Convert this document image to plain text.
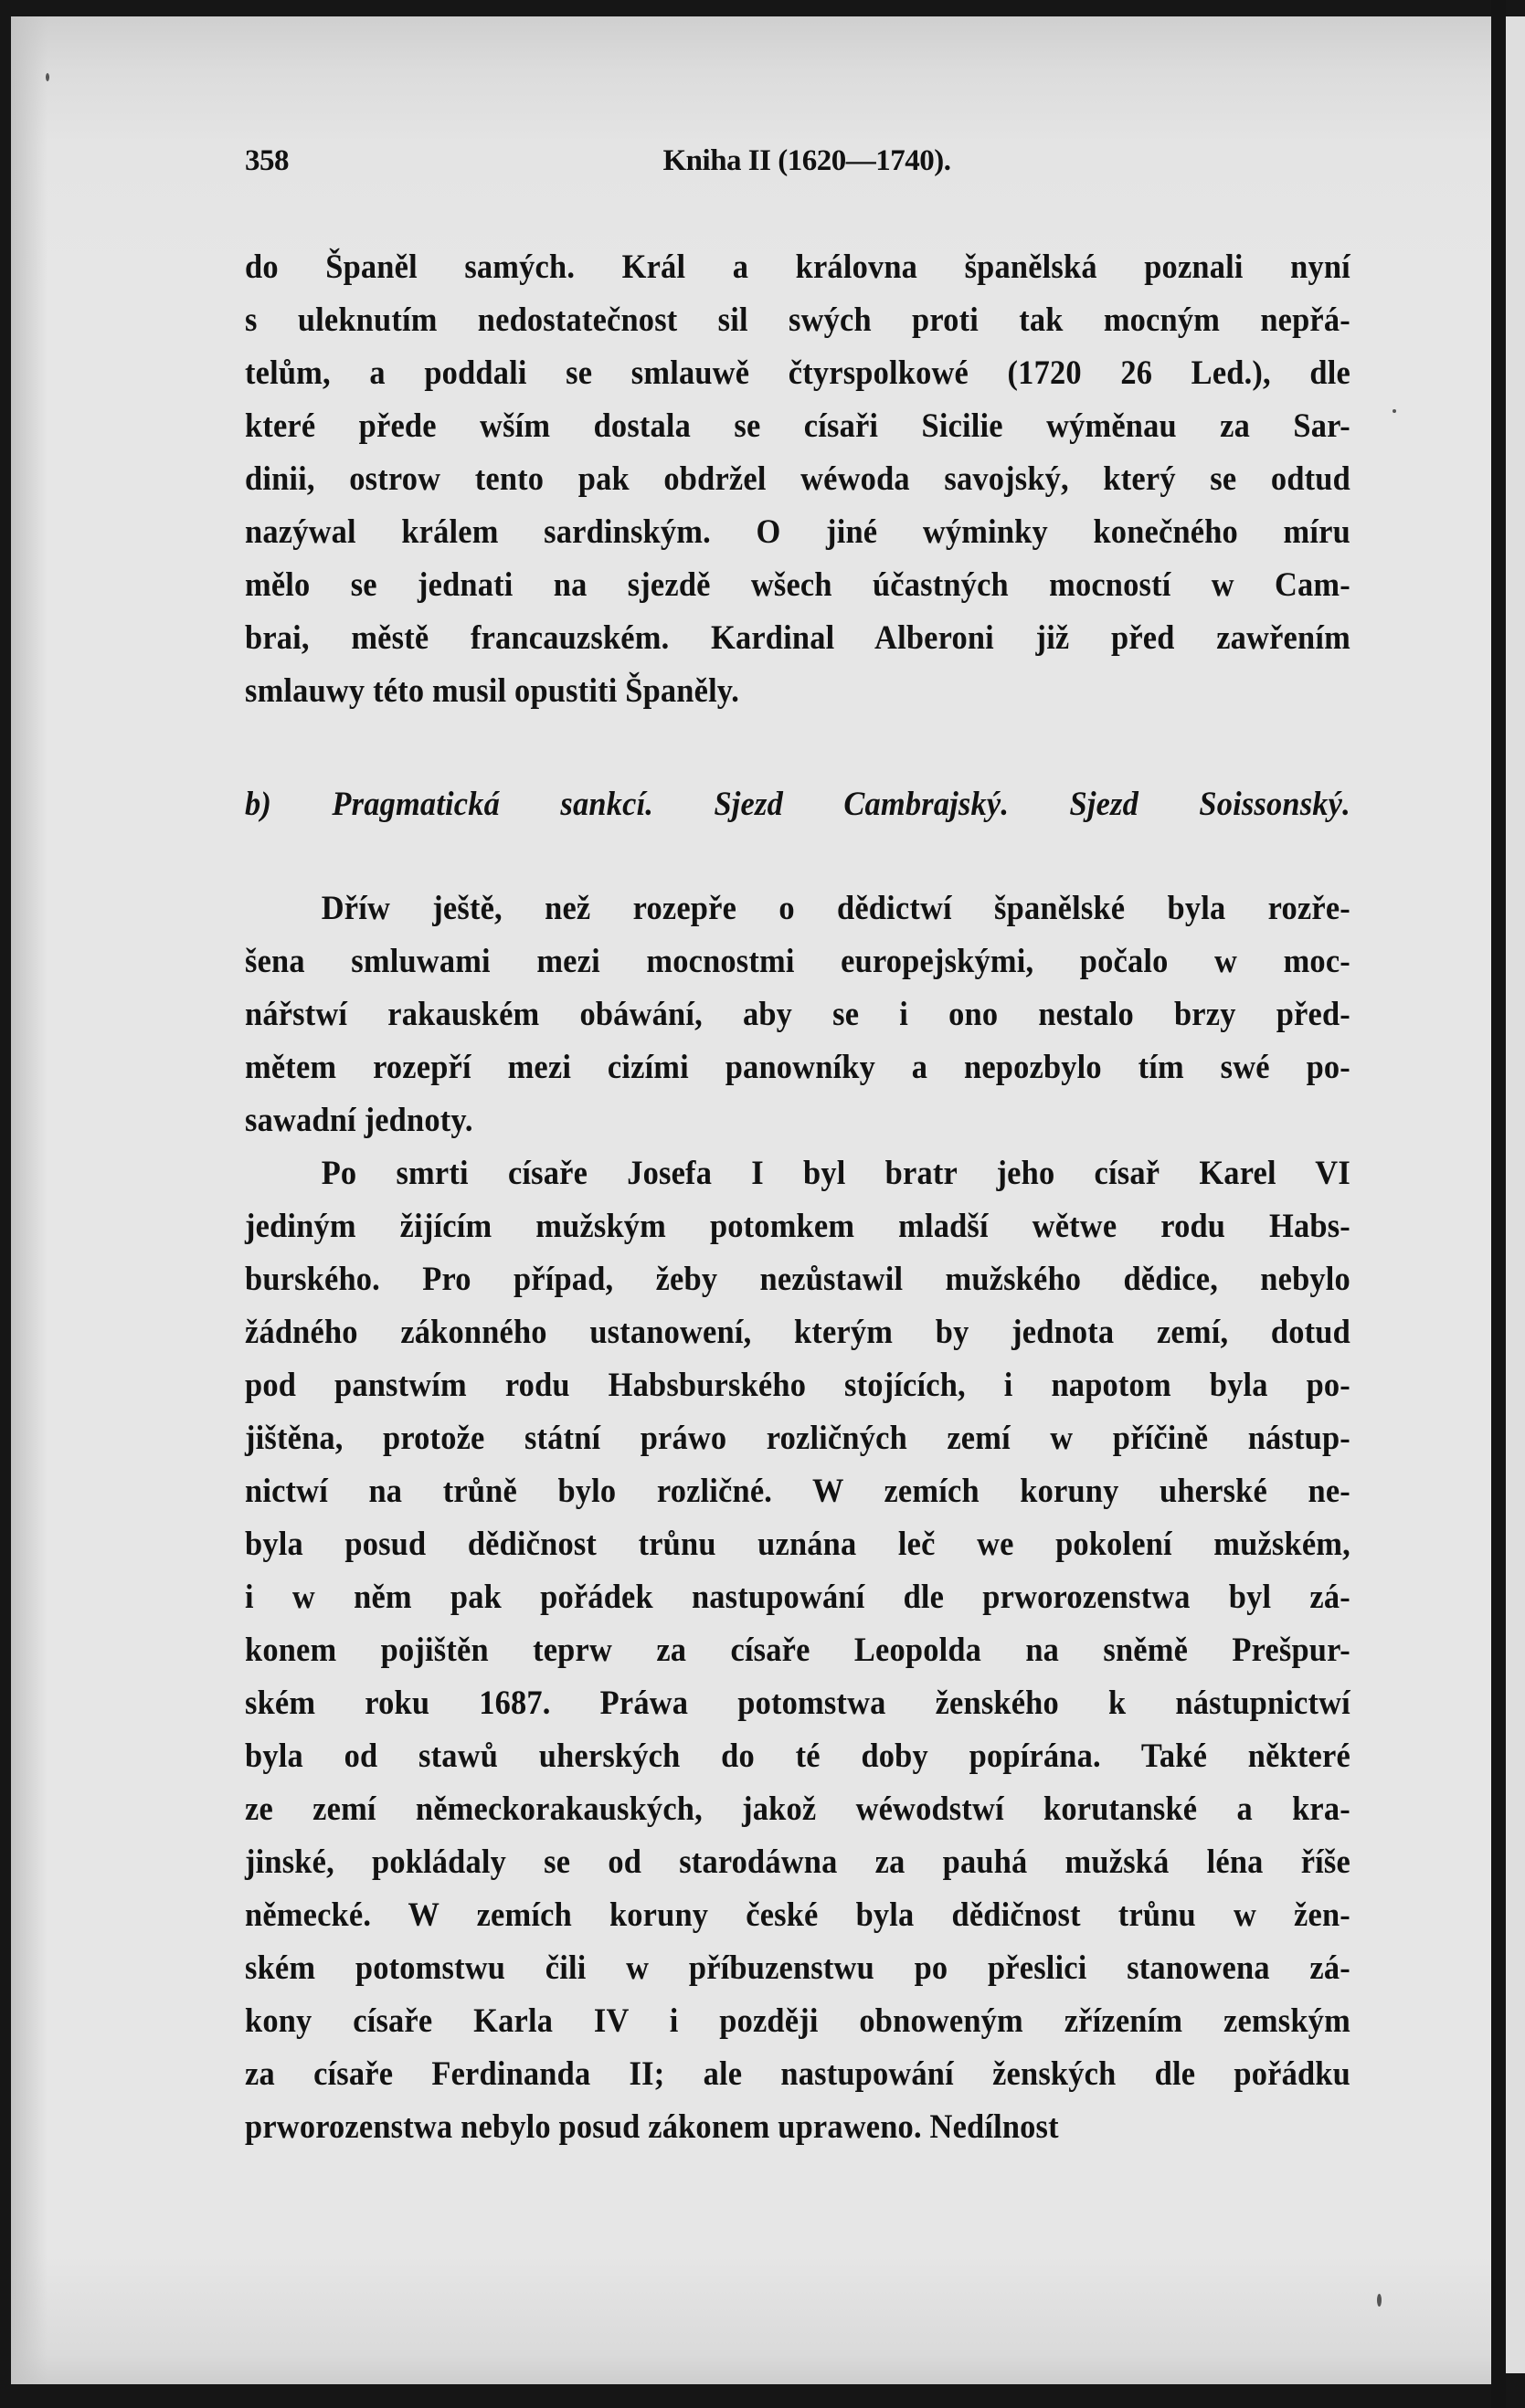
358	Kniha II (1620—1740).

do Španěl samých. Král a královna španělská poznali nyní
s uleknutím nedostatečnost sil swých proti tak mocným nepřá-
telům, a poddali se smlauwě čtyrspolkowé (1720 26 Led.), dle
které přede wším dostala se císaři Sicilie wýměnau za Sar-
dinii, ostrow tento pak obdržel wéwoda savojský, který se odtud
nazýwal králem sardinským. O jiné wýminky konečného míru
mělo se jednati na sjezdě wšech účastných mocností w Cam-
brai, městě francauzském. Kardinal Alberoni již před zawřením
smlauwy této musil opustiti Španěly.

b) Pragmatická sankcí. Sjezd Cambrajský. Sjezd Soissonský.

Dříw ještě, než rozepře o dědictwí španělské byla rozře-
šena smluwami mezi mocnostmi europejskými, počalo w moc-
nářstwí rakauském obáwání, aby se i ono nestalo brzy před-
mětem rozepří mezi cizími panowníky a nepozbylo tím swé po-
sawadní jednoty.

Po smrti císaře Josefa I byl bratr jeho císař Karel VI
jediným žijícím mužským potomkem mladší wětwe rodu Habs-
burského. Pro případ, žeby nezůstawil mužského dědice, nebylo
žádného zákonného ustanowení, kterým by jednota zemí, dotud
pod panstwím rodu Habsburského stojících, i napotom byla po-
jištěna, protože státní práwo rozličných zemí w příčině nástup-
nictwí na trůně bylo rozličné. W zemích koruny uherské ne-
byla posud dědičnost trůnu uznána leč we pokolení mužském,
i w něm pak pořádek nastupowání dle prworozenstwa byl zá-
konem pojištěn teprw za císaře Leopolda na sněmě Prešpur-
ském roku 1687. Práwa potomstwa ženského k nástupnictwí
byla od stawů uherských do té doby popírána. Také některé
ze zemí německorakauských, jakož wéwodstwí korutanské a kra-
jinské, pokládaly se od starodáwna za pauhá mužská léna říše
německé. W zemích koruny české byla dědičnost trůnu w žen-
ském potomstwu čili w příbuzenstwu po přeslici stanowena zá-
kony císaře Karla IV i později obnoweným zřízením zemským
za císaře Ferdinanda II; ale nastupowání ženských dle pořádku
prworozenstwa nebylo posud zákonem upraweno. Nedílnost
